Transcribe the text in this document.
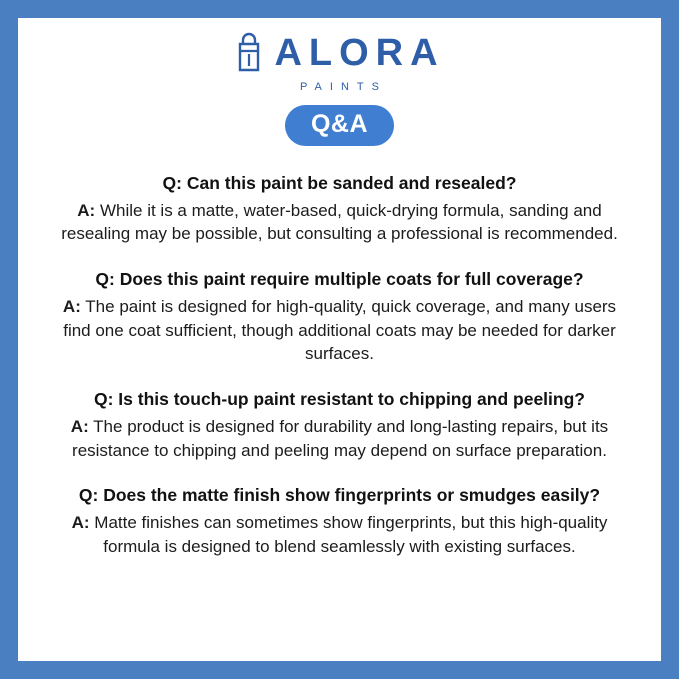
ALORA
PAINTS
Q&A

Q: Can this paint be sanded and resealed?

A: While it is a matte, water-based, quick-drying formula, sanding and resealing may be possible, but consulting a professional is recommended.

Q: Does this paint require multiple coats for full coverage?

A: The paint is designed for high-quality, quick coverage, and many users find one coat sufficient, though additional coats may be needed for darker surfaces.

Q: Is this touch-up paint resistant to chipping and peeling?

A: The product is designed for durability and long-lasting repairs, but its resistance to chipping and peeling may depend on surface preparation.

Q: Does the matte finish show fingerprints or smudges easily?

A: Matte finishes can sometimes show fingerprints, but this high-quality formula is designed to blend seamlessly with existing surfaces.
